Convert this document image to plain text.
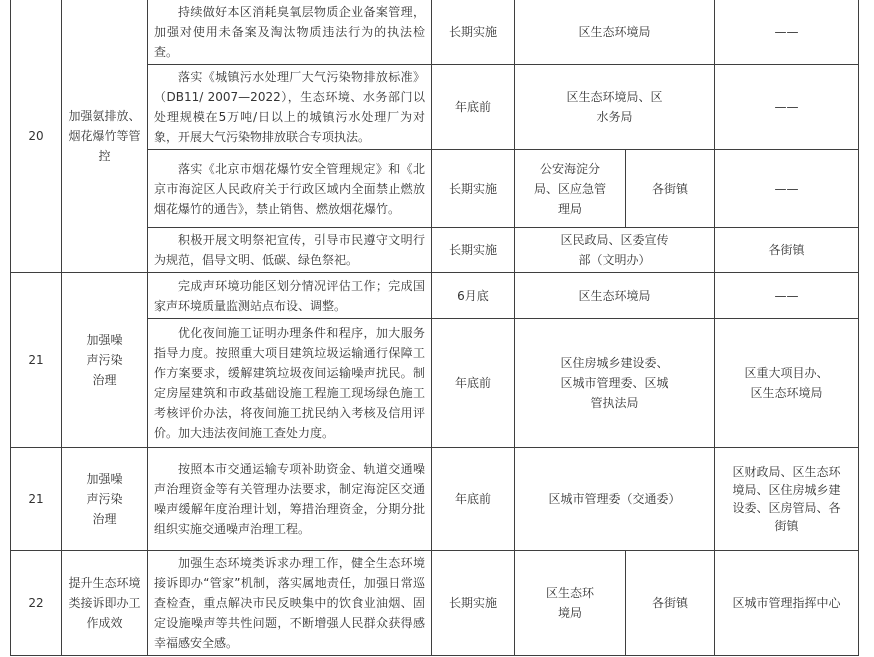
20	加强氨排放、烟花爆竹等管控	持续做好本区消耗臭氧层物质企业备案管理，加强对使用未备案及淘汰物质违法行为的执法检查。	长期实施	区生态环境局		——

		落实《城镇污水处理厂大气污染物排放标准》（DB11/ 2007—2022），生态环境、水务部门以处理规模在5万吨/日以上的城镇污水处理厂为对象，开展大气污染物排放联合专项执法。	年底前	区生态环境局、区水务局		——

		落实《北京市烟花爆竹安全管理规定》和《北京市海淀区人民政府关于行政区域内全面禁止燃放烟花爆竹的通告》，禁止销售、燃放烟花爆竹。	长期实施	公安海淀分局、区应急管理局	各街镇	——

		积极开展文明祭祀宣传，引导市民遵守文明行为规范，倡导文明、低碳、绿色祭祀。	长期实施	区民政局、区委宣传部（文明办）		各街镇
21	加强噪声污染治理	完成声环境功能区划分情况评估工作；完成国家声环境质量监测站点布设、调整。	6月底	区生态环境局		——

		优化夜间施工证明办理条件和程序，加大服务指导力度。按照重大项目建筑垃圾运输通行保障工作方案要求，缓解建筑垃圾夜间运输噪声扰民。制定房屋建筑和市政基础设施工程施工现场绿色施工考核评价办法，将夜间施工扰民纳入考核及信用评价。加大违法夜间施工查处力度。	年底前	区住房城乡建设委、区城市管理委、区城管执法局		区重大项目办、区生态环境局

21	加强噪声污染治理	按照本市交通运输专项补助资金、轨道交通噪声治理资金等有关管理办法要求，制定海淀区交通噪声缓解年度治理计划，筹措治理资金，分期分批组织实施交通噪声治理工程。	年底前	区城市管理委（交通委）		区财政局、区生态环境局、区住房城乡建设委、区房管局、各街镇

22	提升生态环境类接诉即办工作成效	加强生态环境类诉求办理工作，健全生态环境接诉即办“管家”机制，落实属地责任，加强日常巡查检查，重点解决市民反映集中的饮食业油烟、固定设施噪声等共性问题，不断增强人民群众获得感幸福感安全感。	长期实施	区生态环境局	各街镇	区城市管理指挥中心
